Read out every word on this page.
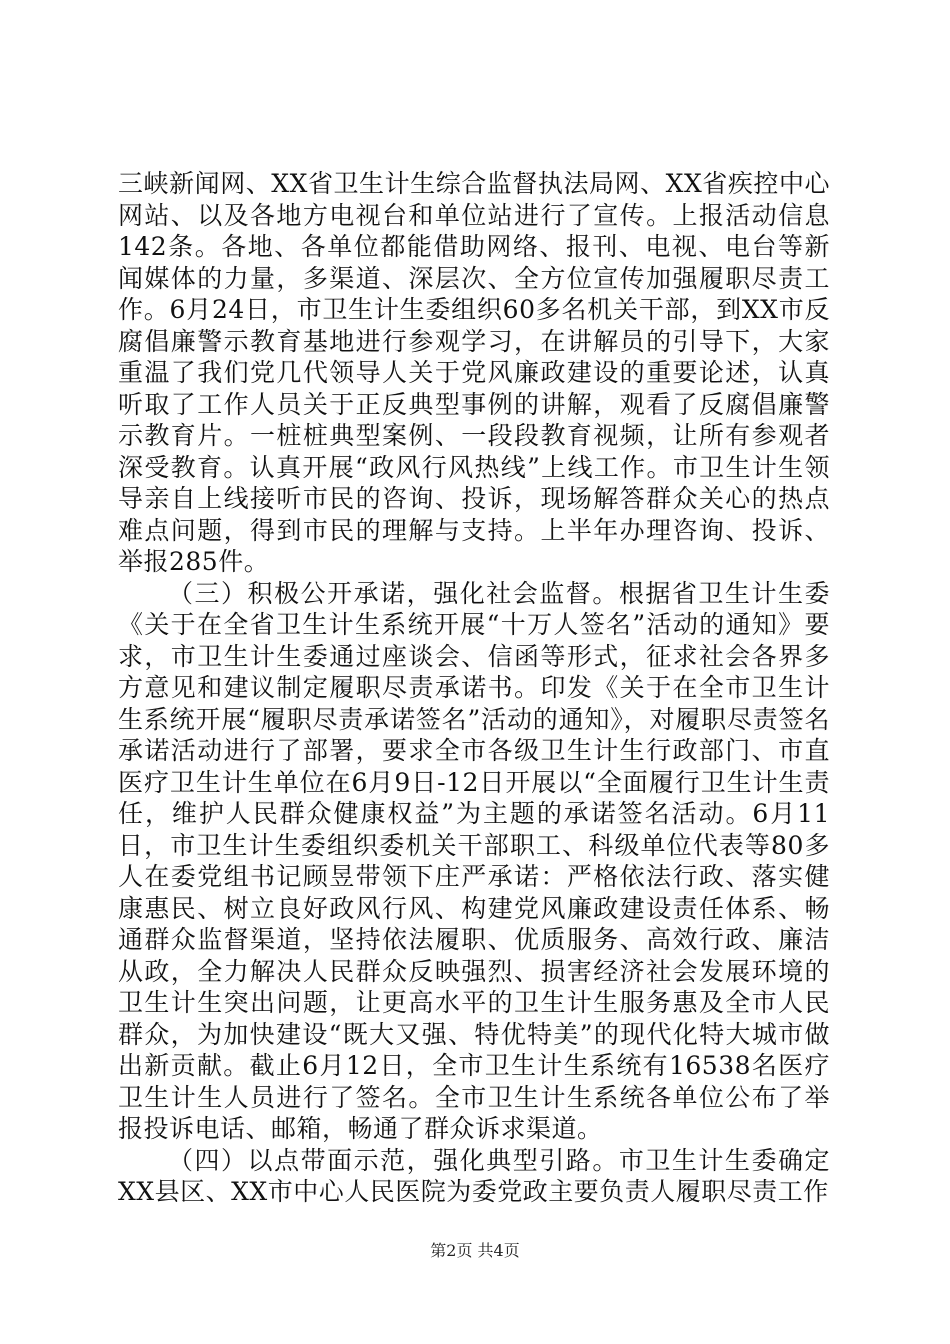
三峡新闻网、XX省卫生计生综合监督执法局网、XX省疾控中心网站、以及各地方电视台和单位站进行了宣传。上报活动信息142条。各地、各单位都能借助网络、报刊、电视、电台等新闻媒体的力量，多渠道、深层次、全方位宣传加强履职尽责工作。6月24日，市卫生计生委组织60多名机关干部，到XX市反腐倡廉警示教育基地进行参观学习，在讲解员的引导下，大家重温了我们党几代领导人关于党风廉政建设的重要论述，认真听取了工作人员关于正反典型事例的讲解，观看了反腐倡廉警示教育片。一桩桩典型案例、一段段教育视频，让所有参观者深受教育。认真开展“政风行风热线”上线工作。市卫生计生领导亲自上线接听市民的咨询、投诉，现场解答群众关心的热点难点问题，得到市民的理解与支持。上半年办理咨询、投诉、举报285件。

（三）积极公开承诺，强化社会监督。根据省卫生计生委《关于在全省卫生计生系统开展“十万人签名”活动的通知》要求，市卫生计生委通过座谈会、信函等形式，征求社会各界多方意见和建议制定履职尽责承诺书。印发《关于在全市卫生计生系统开展“履职尽责承诺签名”活动的通知》，对履职尽责签名承诺活动进行了部署，要求全市各级卫生计生行政部门、市直医疗卫生计生单位在6月9日-12日开展以“全面履行卫生计生责任，维护人民群众健康权益”为主题的承诺签名活动。6月11日，市卫生计生委组织委机关干部职工、科级单位代表等80多人在委党组书记顾昱带领下庄严承诺：严格依法行政、落实健康惠民、树立良好政风行风、构建党风廉政建设责任体系、畅通群众监督渠道，坚持依法履职、优质服务、高效行政、廉洁从政，全力解决人民群众反映强烈、损害经济社会发展环境的卫生计生突出问题，让更高水平的卫生计生服务惠及全市人民群众，为加快建设“既大又强、特优特美”的现代化特大城市做出新贡献。截止6月12日，全市卫生计生系统有16538名医疗卫生计生人员进行了签名。全市卫生计生系统各单位公布了举报投诉电话、邮箱，畅通了群众诉求渠道。

（四）以点带面示范，强化典型引路。市卫生计生委确定XX县区、XX市中心人民医院为委党政主要负责人履职尽责工作

第2页 共4页
